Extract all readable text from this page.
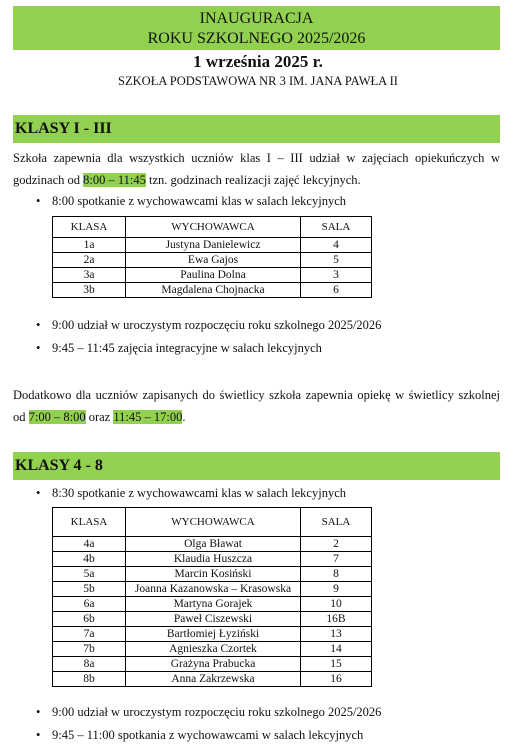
INAUGURACJA
ROKU SZKOLNEGO 2025/2026
1 września 2025 r.
SZKOŁA PODSTAWOWA NR 3 IM. JANA PAWŁA II
KLASY I - III
Szkoła zapewnia dla wszystkich uczniów klas I – III udział w zajęciach opiekuńczych w godzinach od 8:00 – 11:45 tzn. godzinach realizacji zajęć lekcyjnych.
• 8:00 spotkanie z wychowawcami klas w salach lekcyjnych
KLASA	WYCHOWAWCA	SALA
1a	Justyna Danielewicz	4
2a	Ewa Gajos	5
3a	Paulina Dolna	3
3b	Magdalena Chojnacka	6
• 9:00 udział w uroczystym rozpoczęciu roku szkolnego 2025/2026
• 9:45 – 11:45 zajęcia integracyjne w salach lekcyjnych
Dodatkowo dla uczniów zapisanych do świetlicy szkoła zapewnia opiekę w świetlicy szkolnej od 7:00 – 8:00 oraz 11:45 – 17:00.
KLASY 4 - 8
• 8:30 spotkanie z wychowawcami klas w salach lekcyjnych
KLASA	WYCHOWAWCA	SALA
4a	Olga Bławat	2
4b	Klaudia Huszcza	7
5a	Marcin Kosiński	8
5b	Joanna Kazanowska – Krasowska	9
6a	Martyna Gorajek	10
6b	Paweł Ciszewski	16B
7a	Bartłomiej Łyziński	13
7b	Agnieszka Czortek	14
8a	Grażyna Prabucka	15
8b	Anna Zakrzewska	16
• 9:00 udział w uroczystym rozpoczęciu roku szkolnego 2025/2026
• 9:45 – 11:00 spotkania z wychowawcami w salach lekcyjnych
